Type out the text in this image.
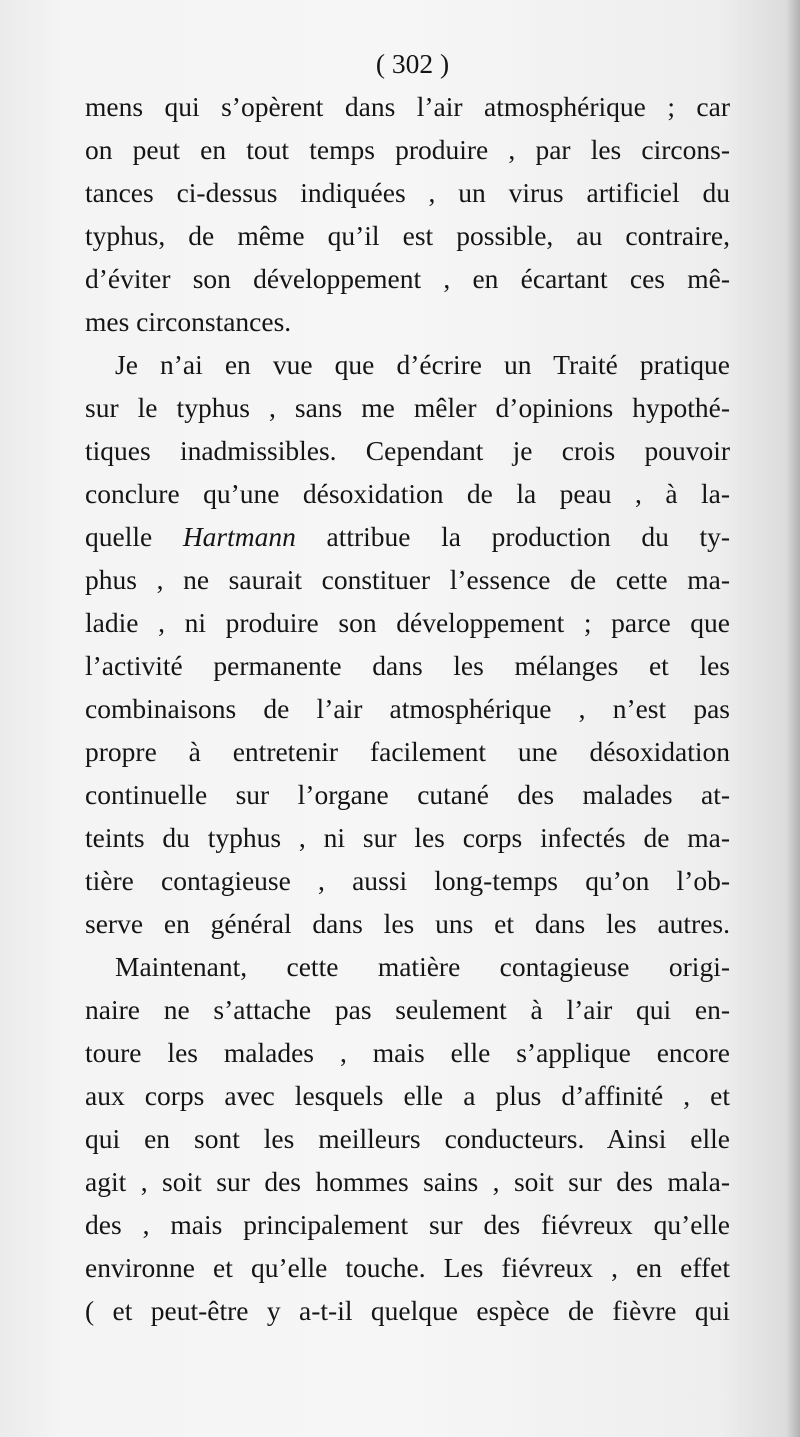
( 302 )
mens qui s’opèrent dans l’air atmosphérique ; car
on peut en tout temps produire , par les circons-
tances ci-dessus indiquées , un virus artificiel du
typhus, de même qu’il est possible, au contraire,
d’éviter son développement , en écartant ces mê-
mes circonstances.
Je n’ai en vue que d’écrire un Traité pratique
sur le typhus , sans me mêler d’opinions hypothé-
tiques inadmissibles. Cependant je crois pouvoir
conclure qu’une désoxidation de la peau , à la-
quelle Hartmann attribue la production du ty-
phus , ne saurait constituer l’essence de cette ma-
ladie , ni produire son développement ; parce que
l’activité permanente dans les mélanges et les
combinaisons de l’air atmosphérique , n’est pas
propre à entretenir facilement une désoxidation
continuelle sur l’organe cutané des malades at-
teints du typhus , ni sur les corps infectés de ma-
tière contagieuse , aussi long-temps qu’on l’ob-
serve en général dans les uns et dans les autres.
Maintenant, cette matière contagieuse origi-
naire ne s’attache pas seulement à l’air qui en-
toure les malades , mais elle s’applique encore
aux corps avec lesquels elle a plus d’affinité , et
qui en sont les meilleurs conducteurs. Ainsi elle
agit , soit sur des hommes sains , soit sur des mala-
des , mais principalement sur des fiévreux qu’elle
environne et qu’elle touche. Les fiévreux , en effet
( et peut-être y a-t-il quelque espèce de fièvre qui
